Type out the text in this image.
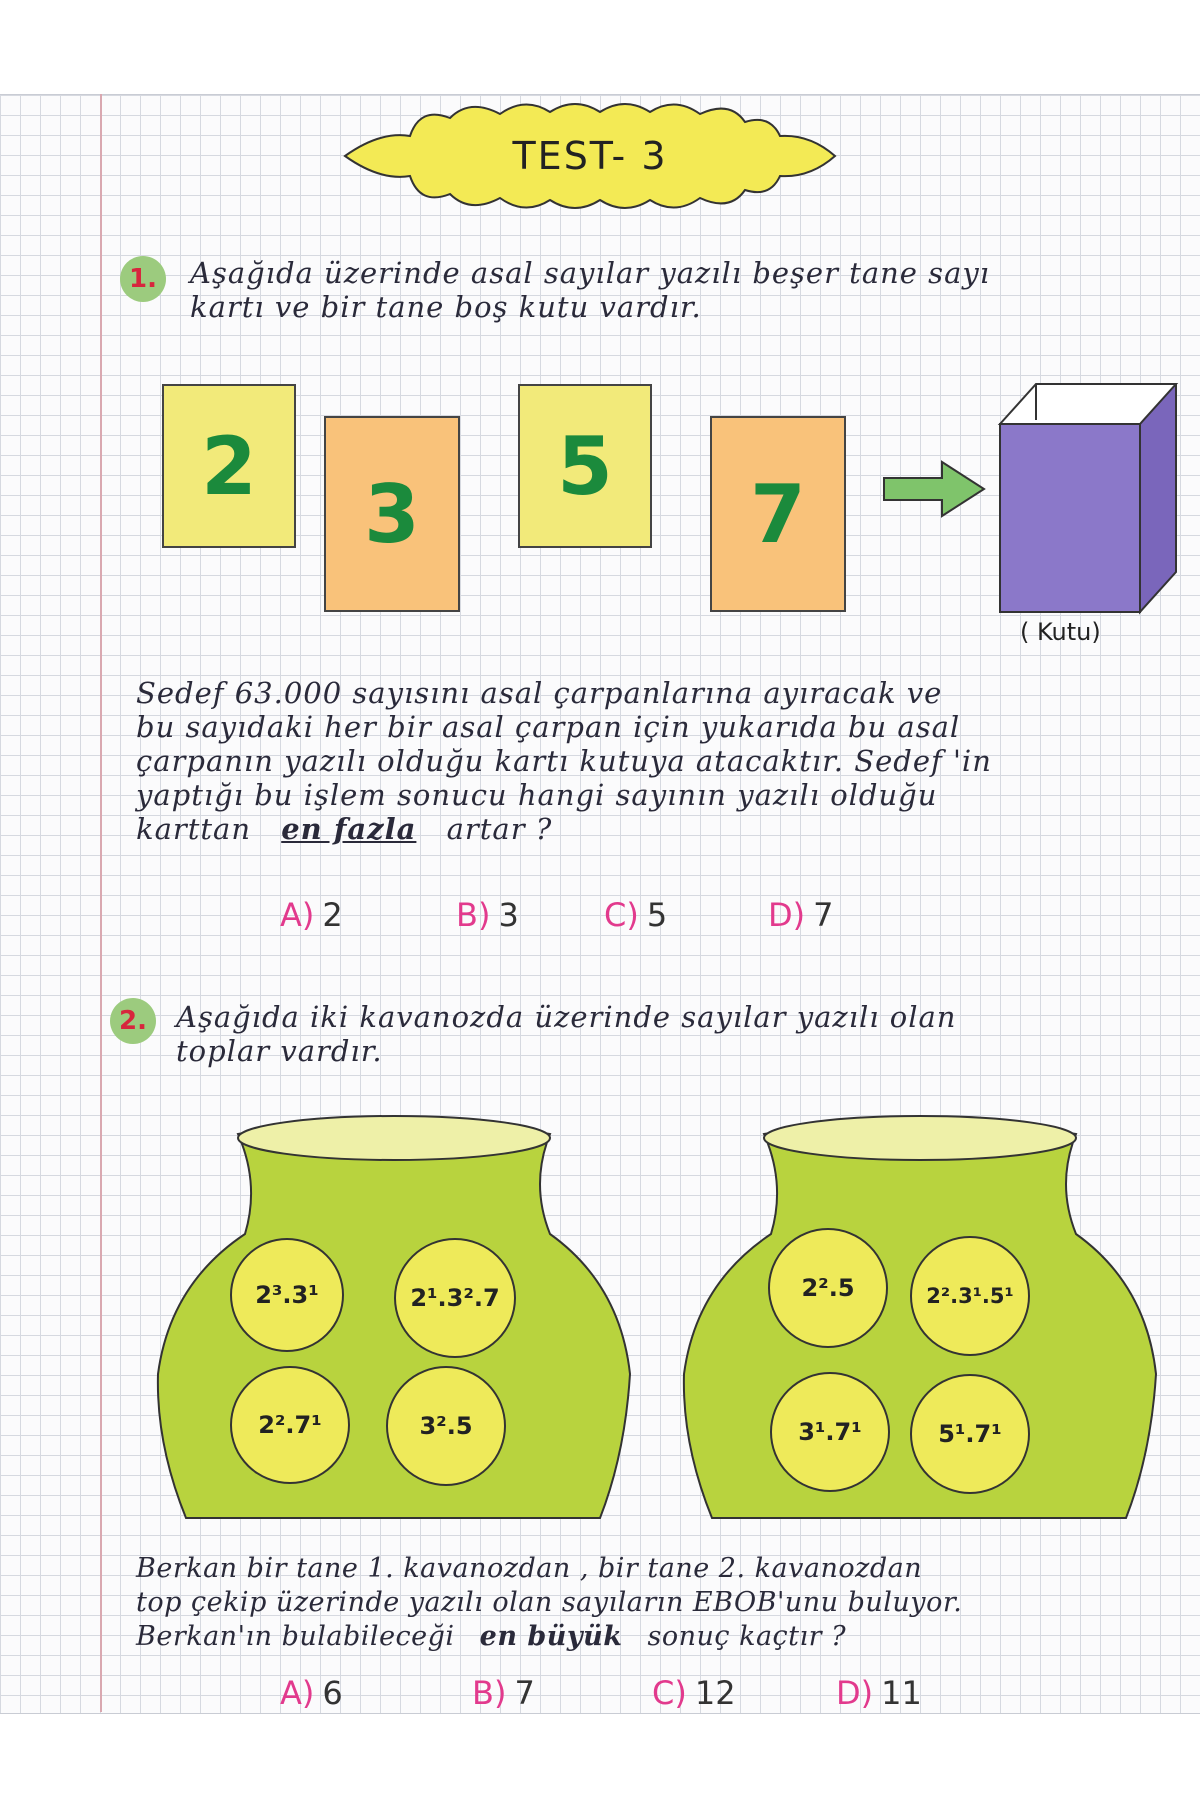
TEST- 3
1.	Aşağıda üzerinde asal sayılar yazılı beşer tane sayı
kartı ve bir tane boş kutu vardır.
2
3
5
7
( Kutu)
Sedef 63.000 sayısını asal çarpanlarına ayıracak ve
bu sayıdaki her bir asal çarpan için yukarıda bu asal
çarpanın yazılı olduğu kartı kutuya atacaktır. Sedef 'in
yaptığı bu işlem sonucu hangi sayının yazılı olduğu
karttan en fazla artar ?
A) 2	B) 3	C) 5	D) 7
2.	Aşağıda iki kavanozda üzerinde sayılar yazılı olan
toplar vardır.
2³.3¹	2¹.3².7
2².7¹	3².5
2².5	2².3¹.5¹
3¹.7¹	5¹.7¹
Berkan bir tane 1. kavanozdan , bir tane 2. kavanozdan
top çekip üzerinde yazılı olan sayıların EBOB'unu buluyor.
Berkan'ın bulabileceği en büyük sonuç kaçtır ?
A) 6	B) 7	C) 12	D) 11
